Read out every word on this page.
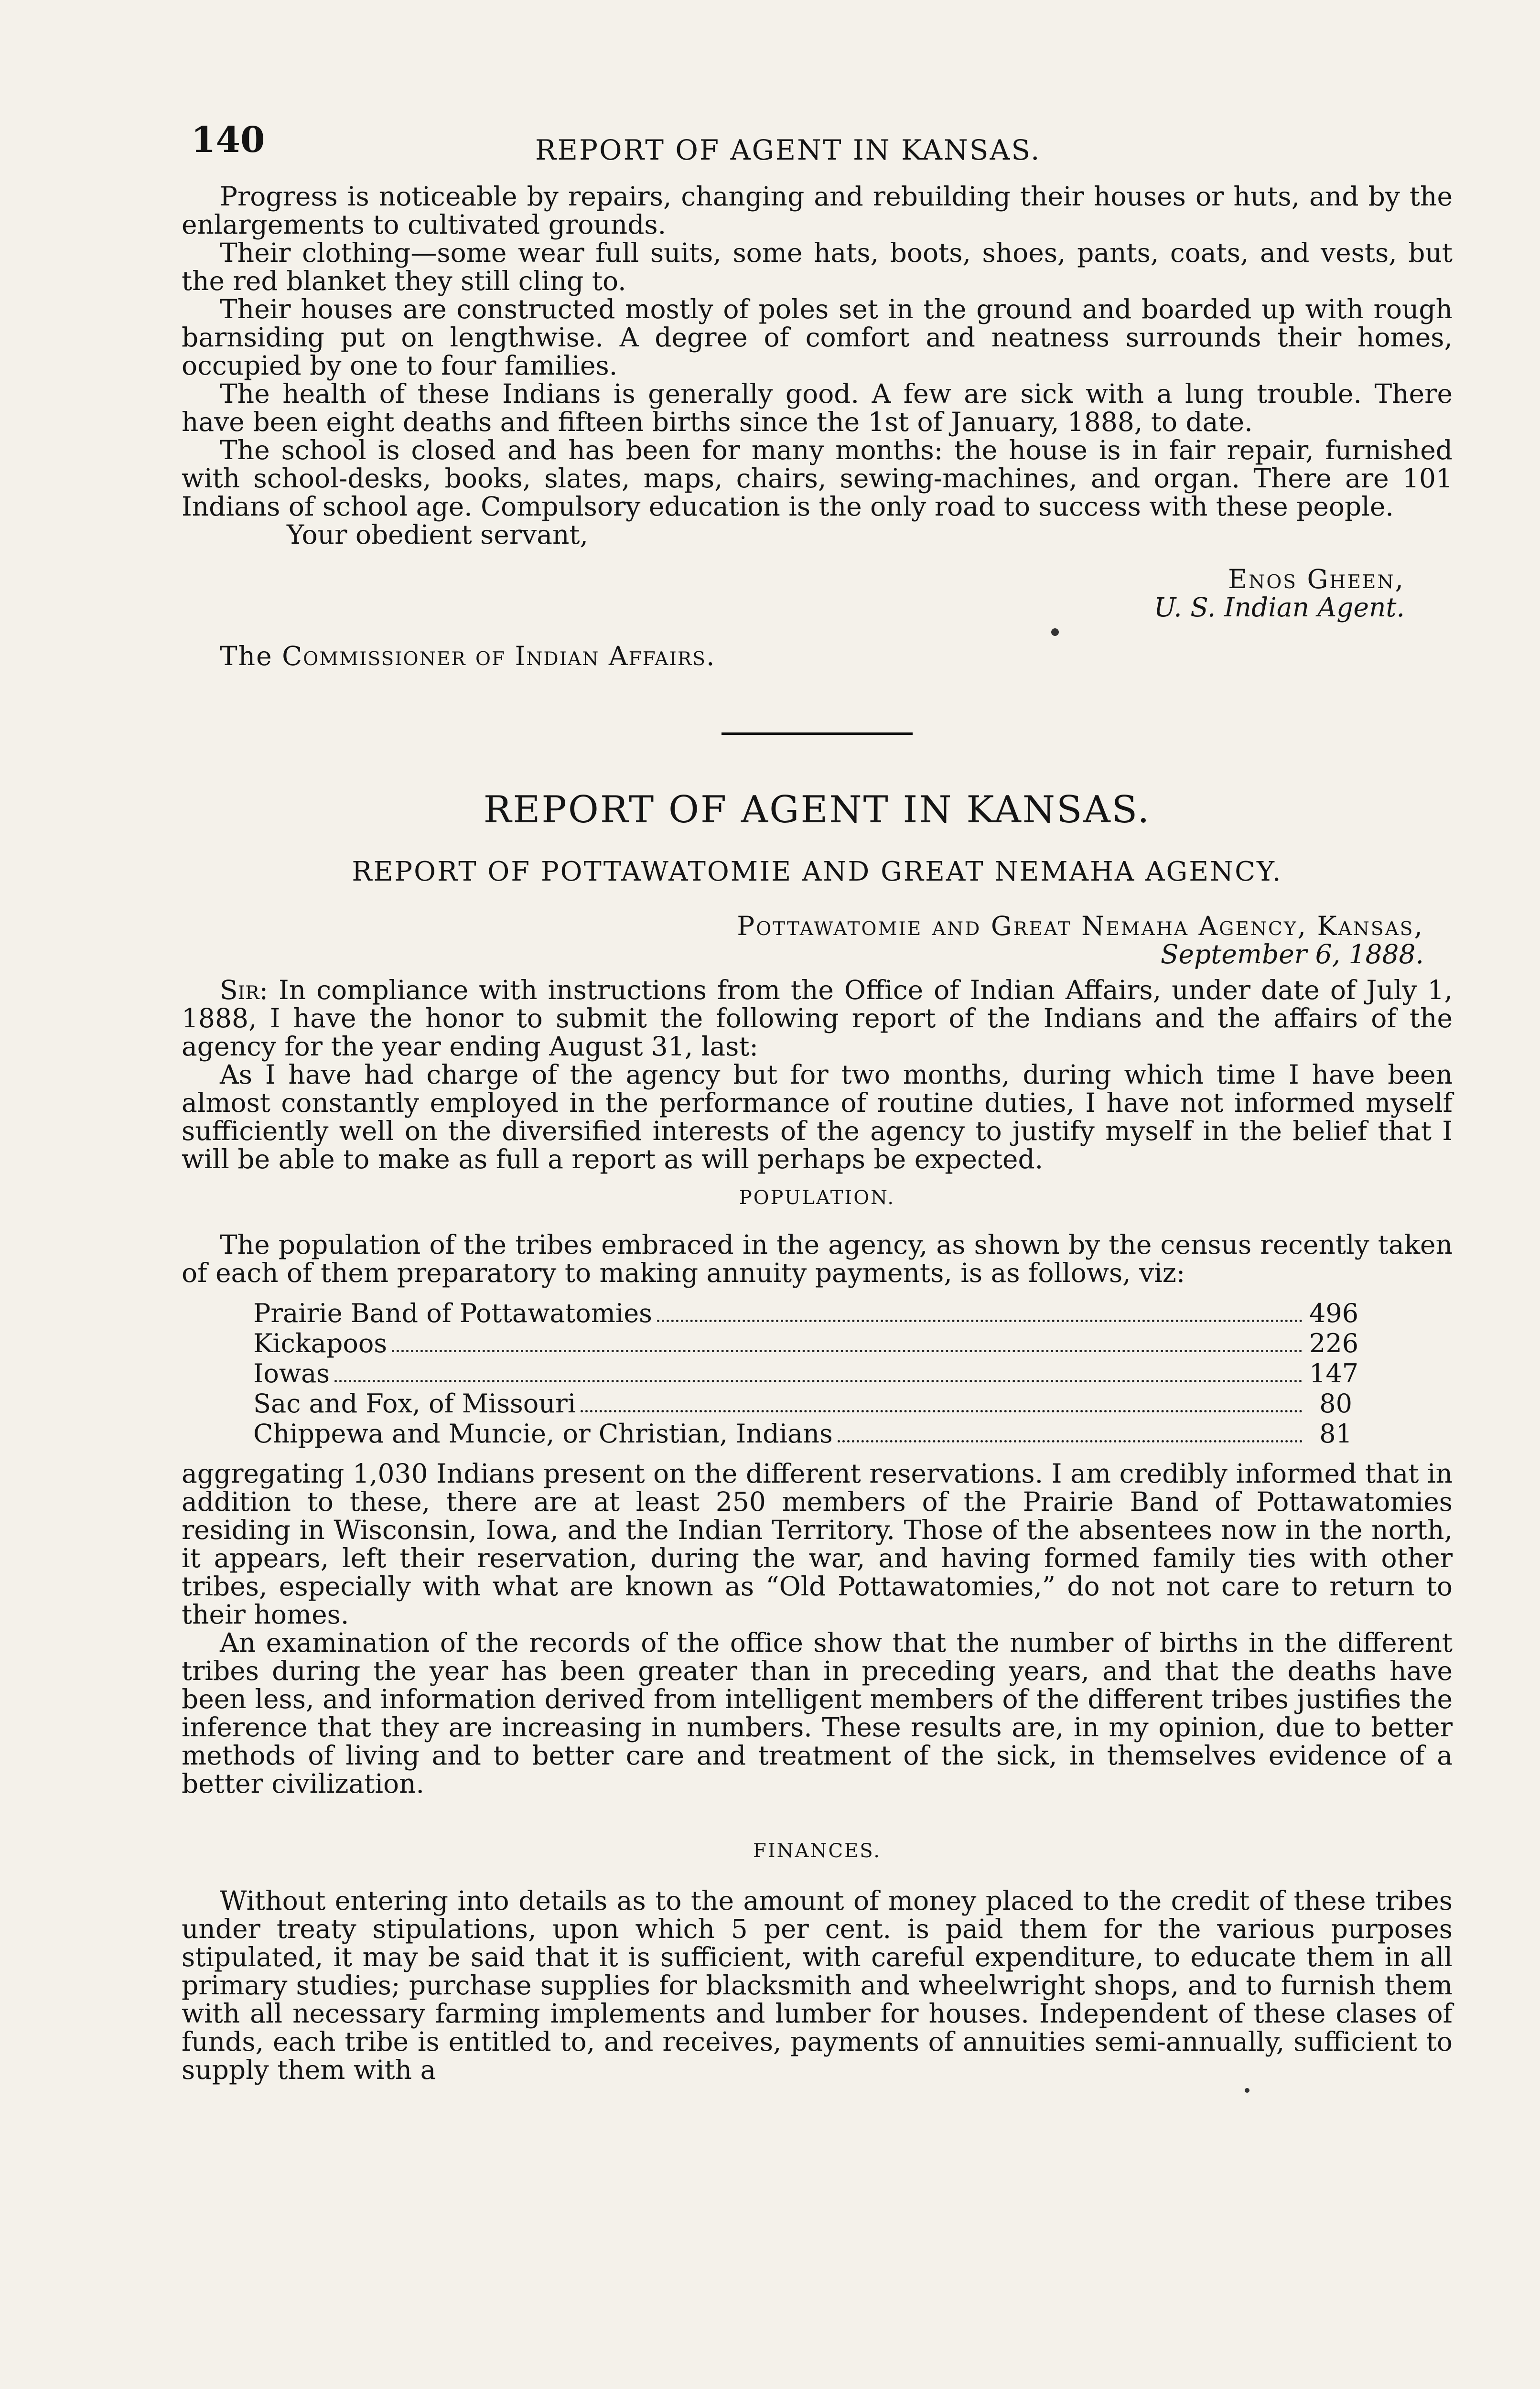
140	REPORT OF AGENT IN KANSAS.

Progress is noticeable by repairs, changing and rebuilding their houses or huts, and by the enlargements to cultivated grounds.

Their clothing—some wear full suits, some hats, boots, shoes, pants, coats, and vests, but the red blanket they still cling to.

Their houses are constructed mostly of poles set in the ground and boarded up with rough barnsiding put on lengthwise. A degree of comfort and neatness surrounds their homes, occupied by one to four families.

The health of these Indians is generally good. A few are sick with a lung trouble. There have been eight deaths and fifteen births since the 1st of January, 1888, to date.

The school is closed and has been for many months: the house is in fair repair, furnished with school-desks, books, slates, maps, chairs, sewing-machines, and organ. There are 101 Indians of school age. Compulsory education is the only road to success with these people.

Your obedient servant,
Enos Gheen,
U. S. Indian Agent.
The Commissioner of Indian Affairs.
REPORT OF AGENT IN KANSAS.
REPORT OF POTTAWATOMIE AND GREAT NEMAHA AGENCY.
Pottawatomie and Great Nemaha Agency, Kansas,
September 6, 1888.

Sir: In compliance with instructions from the Office of Indian Affairs, under date of July 1, 1888, I have the honor to submit the following report of the Indians and the affairs of the agency for the year ending August 31, last:

As I have had charge of the agency but for two months, during which time I have been almost constantly employed in the performance of routine duties, I have not informed myself sufficiently well on the diversified interests of the agency to justify myself in the belief that I will be able to make as full a report as will perhaps be expected.

POPULATION.

The population of the tribes embraced in the agency, as shown by the census recently taken of each of them preparatory to making annuity payments, is as follows, viz:

Prairie Band of Pottawatomies	496
Kickapoos	226
Iowas	147
Sac and Fox, of Missouri	80
Chippewa and Muncie, or Christian, Indians	81

aggregating 1,030 Indians present on the different reservations. I am credibly informed that in addition to these, there are at least 250 members of the Prairie Band of Pottawatomies residing in Wisconsin, Iowa, and the Indian Territory. Those of the absentees now in the north, it appears, left their reservation, during the war, and having formed family ties with other tribes, especially with what are known as “Old Pottawatomies,” do not not care to return to their homes.

An examination of the records of the office show that the number of births in the different tribes during the year has been greater than in preceding years, and that the deaths have been less, and information derived from intelligent members of the different tribes justifies the inference that they are increasing in numbers. These results are, in my opinion, due to better methods of living and to better care and treatment of the sick, in themselves evidence of a better civilization.

FINANCES.

Without entering into details as to the amount of money placed to the credit of these tribes under treaty stipulations, upon which 5 per cent. is paid them for the various purposes stipulated, it may be said that it is sufficient, with careful expenditure, to educate them in all primary studies; purchase supplies for blacksmith and wheelwright shops, and to furnish them with all necessary farming implements and lumber for houses. Independent of these clases of funds, each tribe is entitled to, and receives, payments of annuities semi-annually, sufficient to supply them with a
